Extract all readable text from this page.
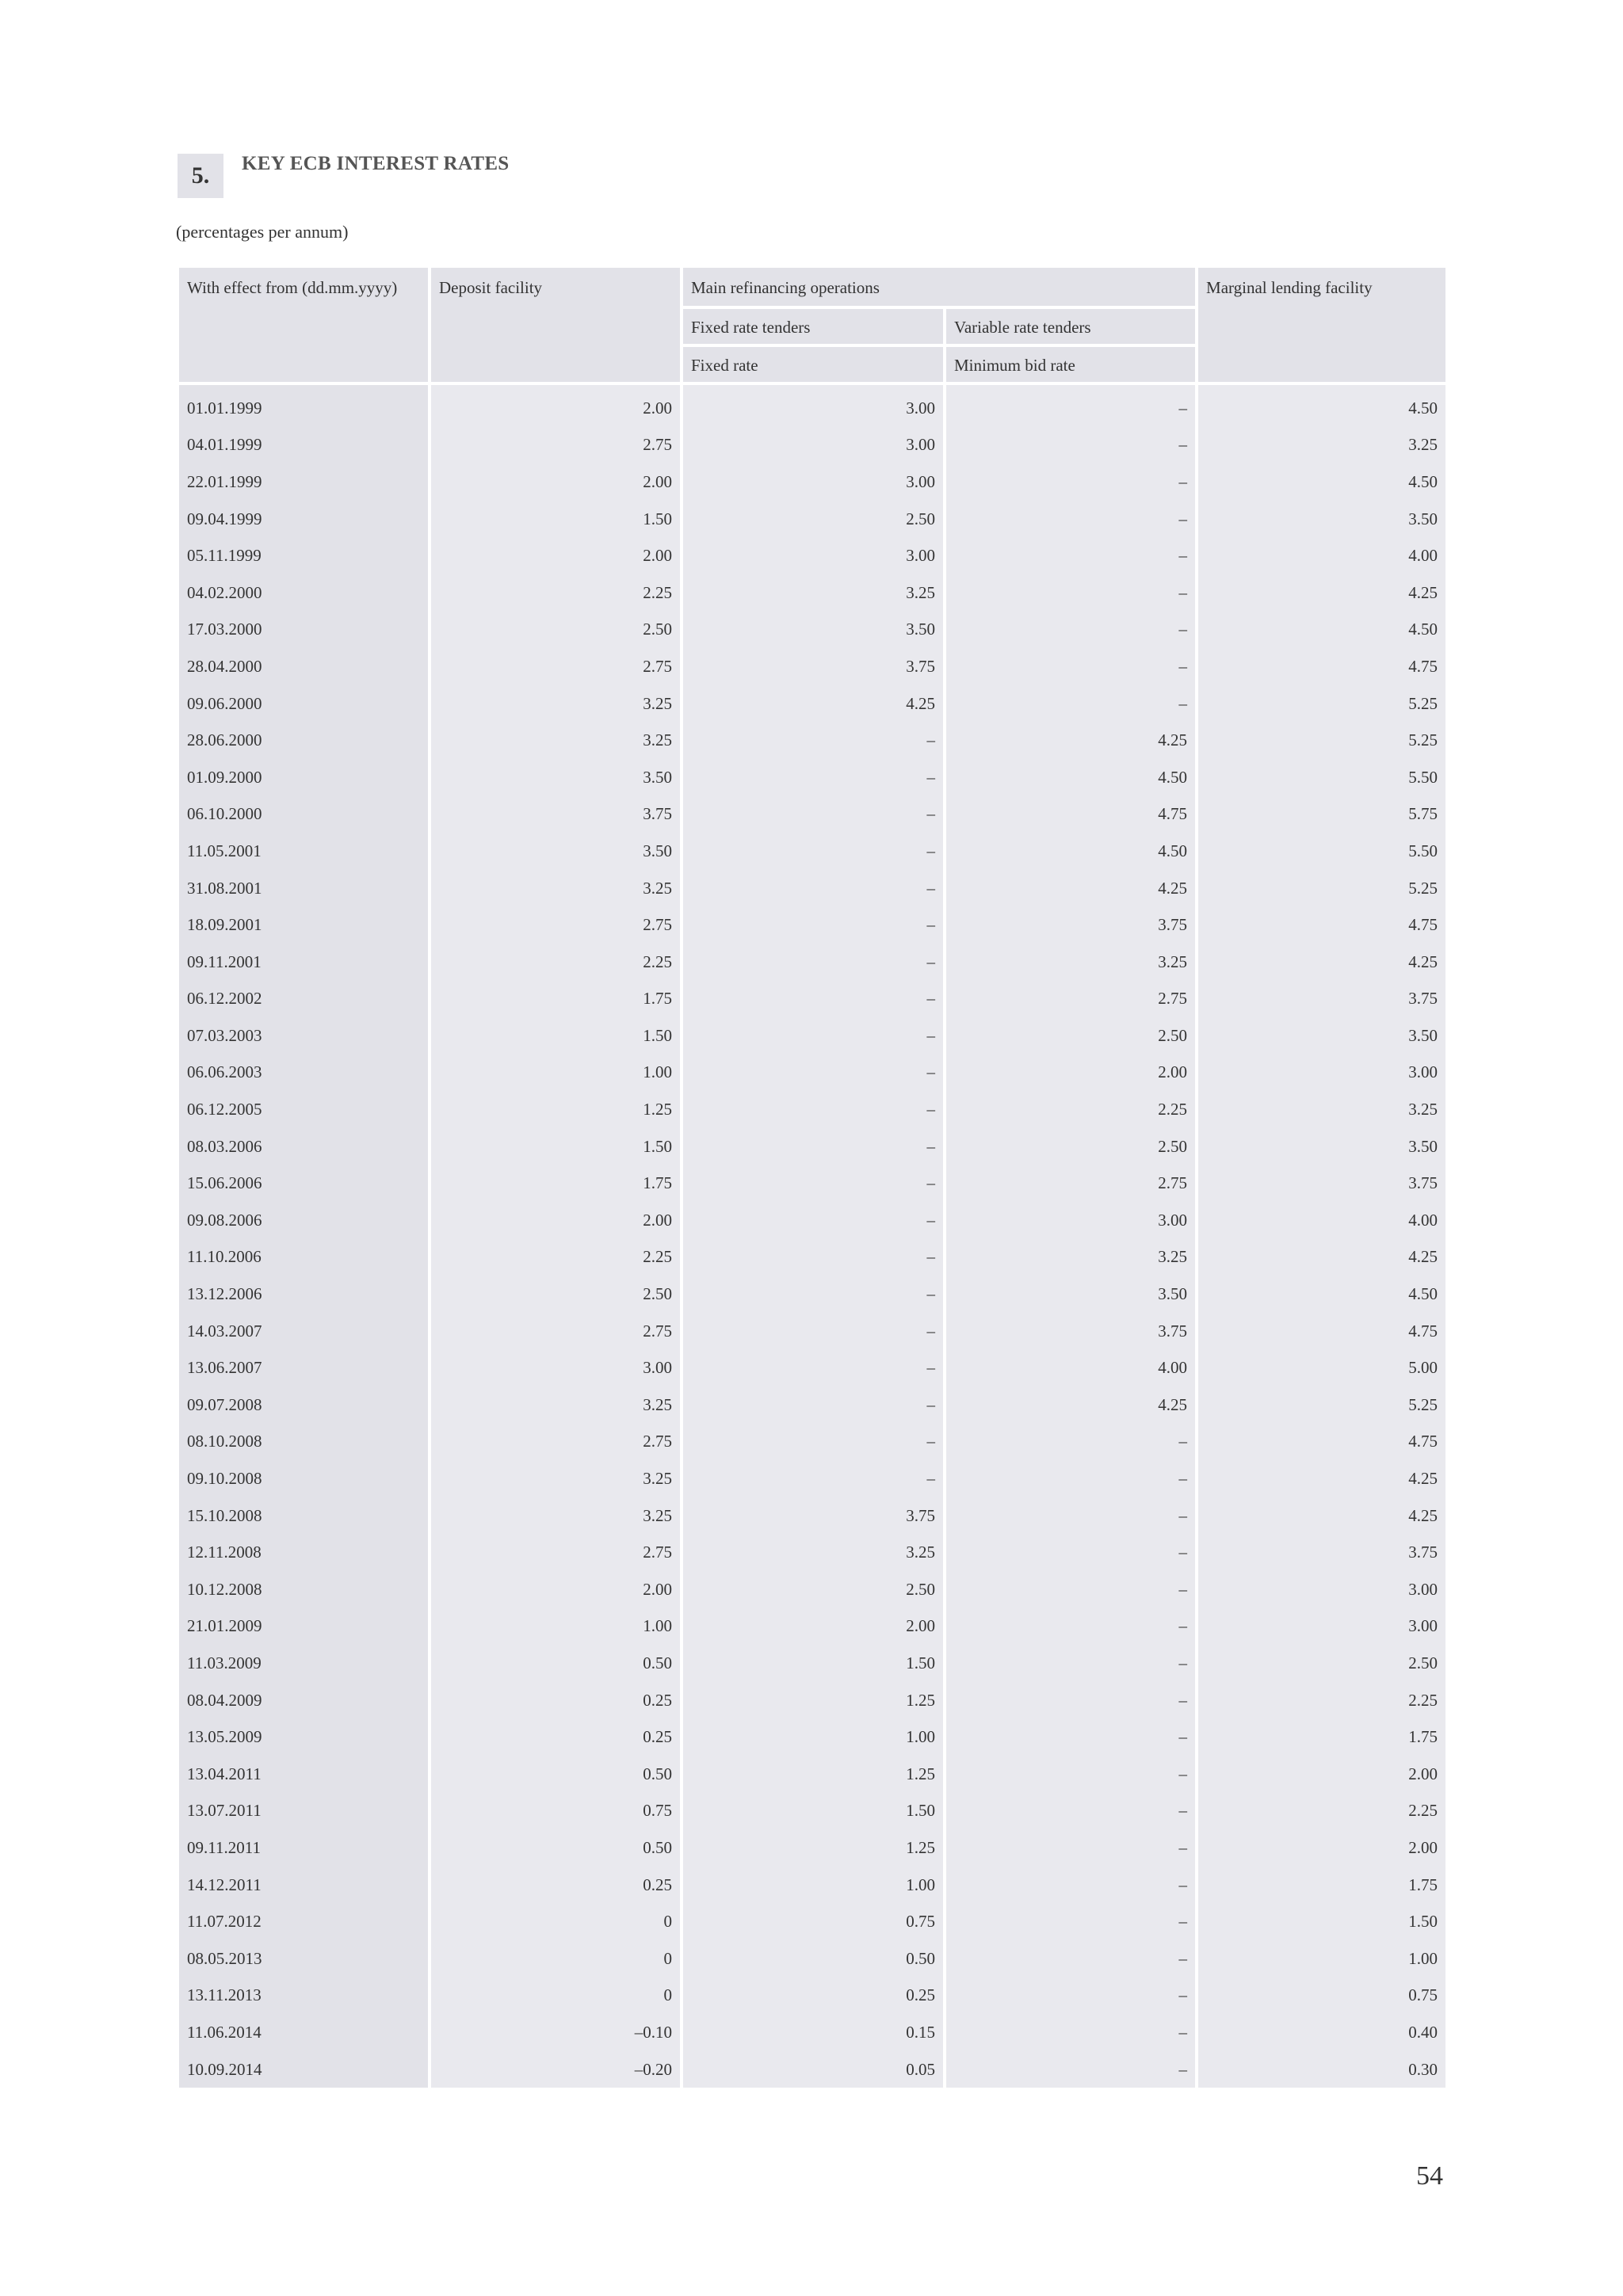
5.	KEY ECB INTEREST RATES
(percentages per annum)
With effect from (dd.mm.yyyy)	Deposit facility	Main refinancing operations		Marginal lending facility
		Fixed rate tenders	Variable rate tenders	
		Fixed rate	Minimum bid rate	
01.01.1999	2.00	3.00	–	4.50
04.01.1999	2.75	3.00	–	3.25
22.01.1999	2.00	3.00	–	4.50
09.04.1999	1.50	2.50	–	3.50
05.11.1999	2.00	3.00	–	4.00
04.02.2000	2.25	3.25	–	4.25
17.03.2000	2.50	3.50	–	4.50
28.04.2000	2.75	3.75	–	4.75
09.06.2000	3.25	4.25	–	5.25
28.06.2000	3.25	–	4.25	5.25
01.09.2000	3.50	–	4.50	5.50
06.10.2000	3.75	–	4.75	5.75
11.05.2001	3.50	–	4.50	5.50
31.08.2001	3.25	–	4.25	5.25
18.09.2001	2.75	–	3.75	4.75
09.11.2001	2.25	–	3.25	4.25
06.12.2002	1.75	–	2.75	3.75
07.03.2003	1.50	–	2.50	3.50
06.06.2003	1.00	–	2.00	3.00
06.12.2005	1.25	–	2.25	3.25
08.03.2006	1.50	–	2.50	3.50
15.06.2006	1.75	–	2.75	3.75
09.08.2006	2.00	–	3.00	4.00
11.10.2006	2.25	–	3.25	4.25
13.12.2006	2.50	–	3.50	4.50
14.03.2007	2.75	–	3.75	4.75
13.06.2007	3.00	–	4.00	5.00
09.07.2008	3.25	–	4.25	5.25
08.10.2008	2.75	–	–	4.75
09.10.2008	3.25	–	–	4.25
15.10.2008	3.25	3.75	–	4.25
12.11.2008	2.75	3.25	–	3.75
10.12.2008	2.00	2.50	–	3.00
21.01.2009	1.00	2.00	–	3.00
11.03.2009	0.50	1.50	–	2.50
08.04.2009	0.25	1.25	–	2.25
13.05.2009	0.25	1.00	–	1.75
13.04.2011	0.50	1.25	–	2.00
13.07.2011	0.75	1.50	–	2.25
09.11.2011	0.50	1.25	–	2.00
14.12.2011	0.25	1.00	–	1.75
11.07.2012	0	0.75	–	1.50
08.05.2013	0	0.50	–	1.00
13.11.2013	0	0.25	–	0.75
11.06.2014	–0.10	0.15	–	0.40
10.09.2014	–0.20	0.05	–	0.30
54
